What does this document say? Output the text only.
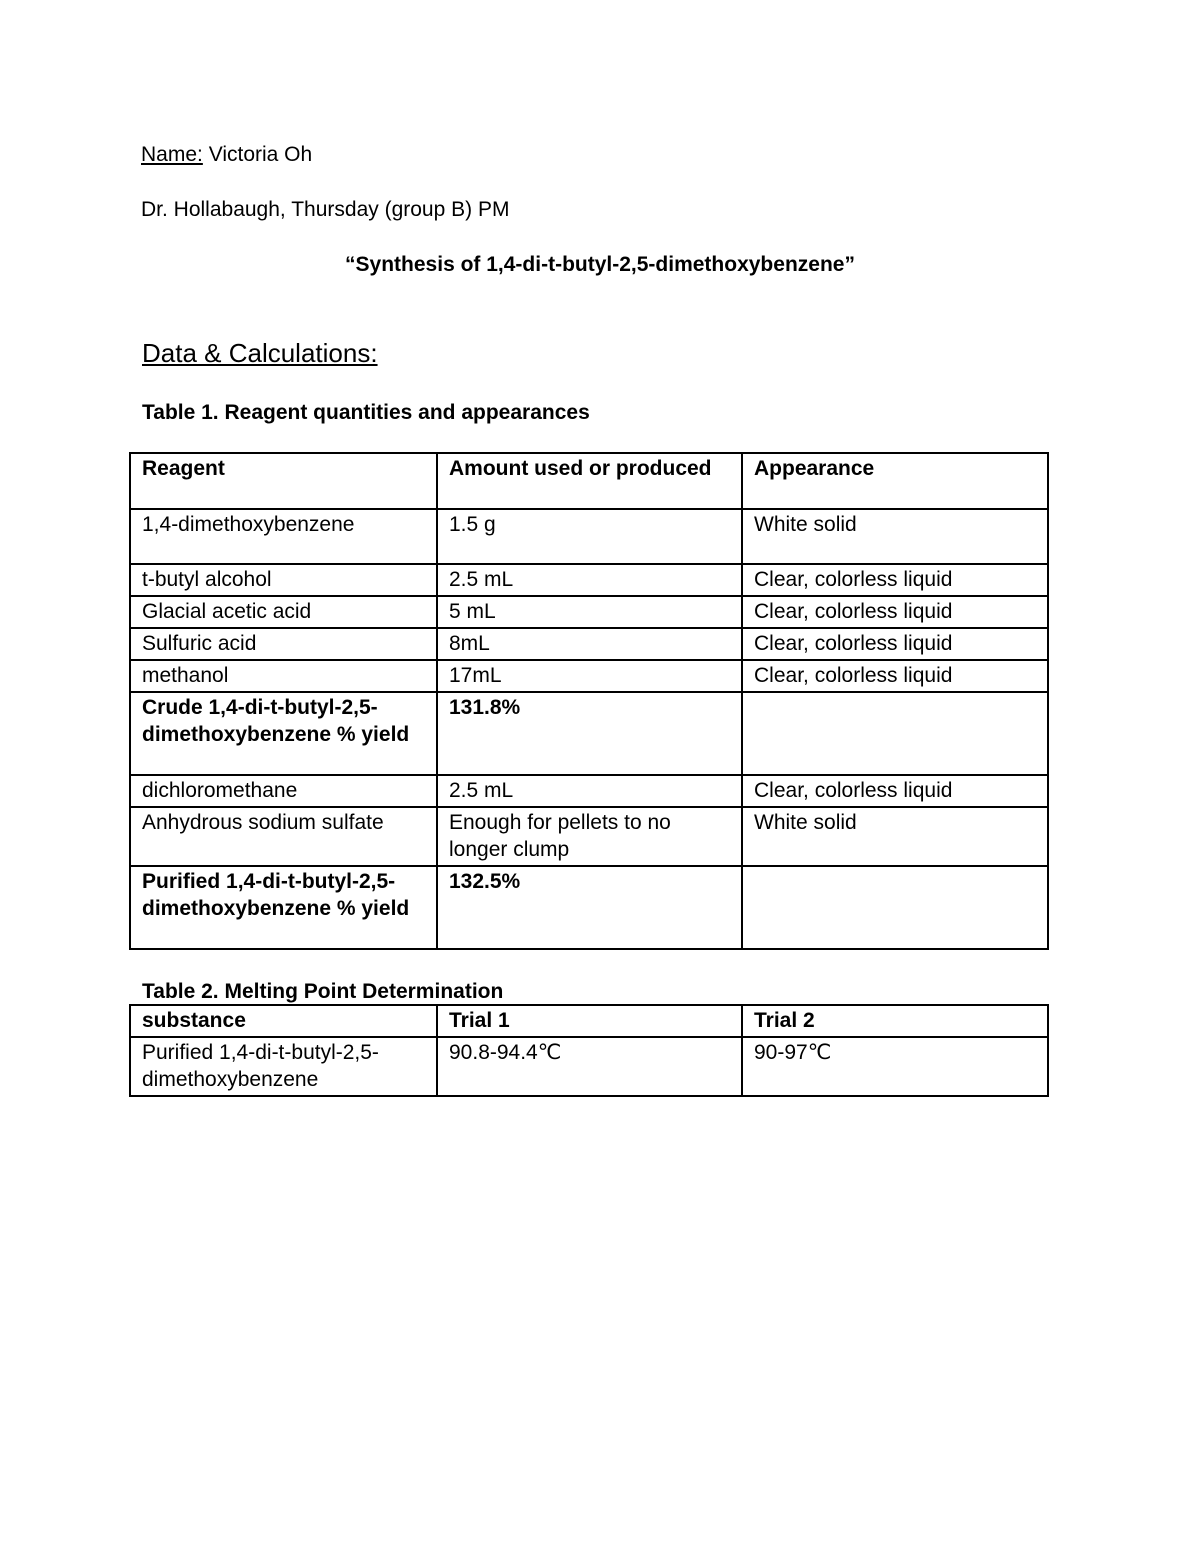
Name: Victoria Oh
Dr. Hollabaugh, Thursday (group B) PM
“Synthesis of 1,4-di-t-butyl-2,5-dimethoxybenzene”
Data & Calculations:
Table 1. Reagent quantities and appearances
Reagent	Amount used or produced	Appearance
1,4-dimethoxybenzene	1.5 g	White solid
t-butyl alcohol	2.5 mL	Clear, colorless liquid
Glacial acetic acid	5 mL	Clear, colorless liquid
Sulfuric acid	8mL	Clear, colorless liquid
methanol	17mL	Clear, colorless liquid
Crude 1,4-di-t-butyl-2,5-dimethoxybenzene % yield	131.8%	
dichloromethane	2.5 mL	Clear, colorless liquid
Anhydrous sodium sulfate	Enough for pellets to no longer clump	White solid
Purified 1,4-di-t-butyl-2,5-dimethoxybenzene % yield	132.5%	
Table 2. Melting Point Determination
substance	Trial 1	Trial 2
Purified 1,4-di-t-butyl-2,5-dimethoxybenzene	90.8-94.4℃	90-97℃
